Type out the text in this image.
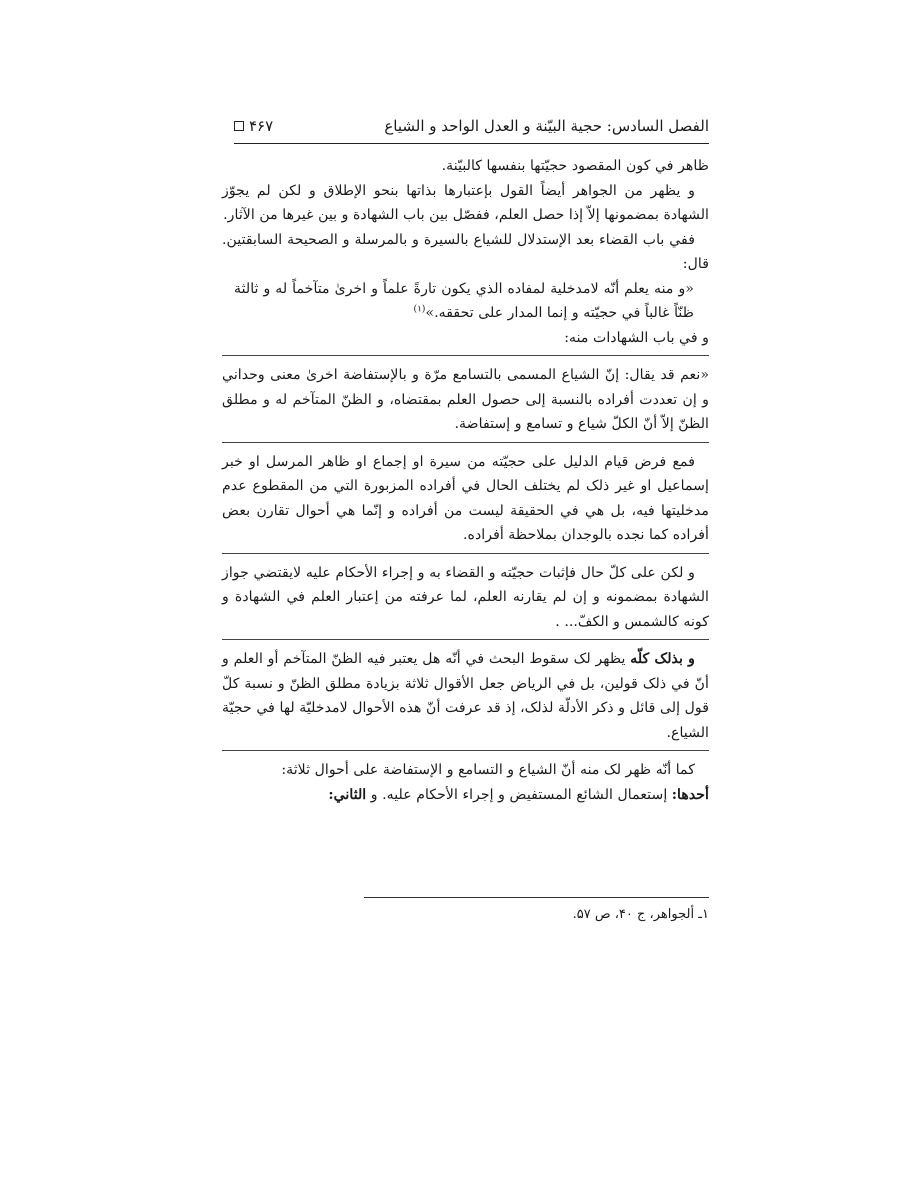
الفصل السادس: حجية البيّنة و العدل الواحد و الشياع
۴۶۷

ظاهر في كون المقصود حجيّتها بنفسها كالبيّنة.

و يظهر من الجواهر أيضاً القول بإعتبارها بذاتها بنحو الإطلاق و لكن لم يجوّز الشهادة بمضمونها إلاّ إذا حصل العلم، ففصّل بين باب الشهادة و بين غيرها من الآثار.

ففي باب القضاء بعد الإستدلال للشياع بالسيرة و بالمرسلة و الصحيحة السابقتين. قال:

«و منه يعلم أنّه لامدخلية لمفاده الذي يكون تارةً علماً و اخرىٰ متآخماً له و ثالثة ظنّاً غالباً في حجيّته و إنما المدار على تحققه.»$^{(۱)}$

و في باب الشهادات منه:

«نعم قد يقال: إنّ الشياع المسمى بالتسامع مرّة و بالإستفاضة اخرىٰ معنى وحداني و إن تعددت أفراده بالنسبة إلى حصول العلم بمقتضاه، و الظنّ المتآخم له و مطلق الظنّ إلاّ أنّ الكلّ شياع و تسامع و إستفاضة.

فمع فرض قيام الدليل على حجيّته من سيرة او إجماع او ظاهر المرسل او خبر إسماعيل او غير ذلک لم يختلف الحال في أفراده المزبورة التي من المقطوع عدم مدخليتها فيه، بل هي في الحقيقة ليست من أفراده و إنّما هي أحوال تقارن بعض أفراده كما نجده بالوجدان بملاحظة أفراده.

و لكن على كلّ حال فإثبات حجيّته و القضاء به و إجراء الأحكام عليه لايقتضي جواز الشهادة بمضمونه و إن لم يقارنه العلم، لما عرفته من إعتبار العلم في الشهادة و كونه كالشمس و الكفّ... .

و بذلک كلّه يظهر لک سقوط البحث في أنّه هل يعتبر فيه الظنّ المتآخم أو العلم و أنّ في ذلک قولين، بل في الرياض جعل الأقوال ثلاثة بزيادة مطلق الظنّ و نسبة كلّ قول إلى قائل و ذكر الأدلّة لذلک، إذ قد عرفت أنّ هذه الأحوال لامدخليّة لها في حجيّة الشياع.

كما أنّه ظهر لک منه أنّ الشياع و التسامع و الإستفاضة على أحوال ثلاثة:

أحدها: إستعمال الشائع المستفيض و إجراء الأحكام عليه. و الثاني:

۱ـ ألجواهر، ج ۴۰، ص ۵۷.
